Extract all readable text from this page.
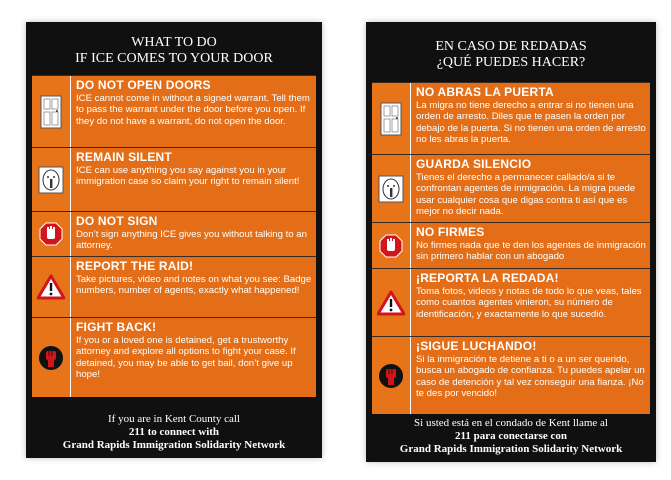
WHAT TO DO
IF ICE COMES TO YOUR DOOR
DO NOT OPEN DOORS

ICE cannot come in without a signed warrant. Tell them to pass the warrant under the door before you open. If they do not have a warrant, do not open the door.

REMAIN SILENT

ICE can use anything you say against you in your immigration case so claim your right to remain silent!

DO NOT SIGN

Don’t sign anything ICE gives you without talking to an attorney.

REPORT THE RAID!

Take pictures, video and notes on what you see: Badge numbers, number of agents, exactly what happened!

FIGHT BACK!

If you or a loved one is detained, get a trustworthy attorney and explore all options to fight your case. If detained, you may be able to get bail, don’t give up hope!

If you are in Kent County call
211 to connect with
Grand Rapids Immigration Solidarity Network
EN CASO DE REDADAS
¿QUÉ PUEDES HACER?
NO ABRAS LA PUERTA

La migra no tiene derecho a entrar si no tienen una orden de arresto. Diles que te pasen la orden por debajo de la puerta. Si no tienen una orden de arresto no les abras la puerta.

GUARDA SILENCIO

Tienes el derecho a permanecer callado/a si te confrontan agentes de inmigración. La migra puede usar cualquier cosa que digas contra ti así que es mejor no decir nada.

NO FIRMES

No firmes nada que te den los agentes de inmigración sin primero hablar con un abogado

¡REPORTA LA REDADA!

Toma fotos, videos y notas de todo lo que veas, tales como cuantos agentes vinieron, su número de identificación, y exactamente lo que sucedió.

¡SIGUE LUCHANDO!

Si la inmigración te detiene a ti o a un ser querido, busca un abogado de confianza. Tu puedes apelar un caso de detención y tal vez conseguir una fianza. ¡No te des por vencido!

Si usted está en el condado de Kent llame al
211 para conectarse con
Grand Rapids Immigration Solidarity Network
